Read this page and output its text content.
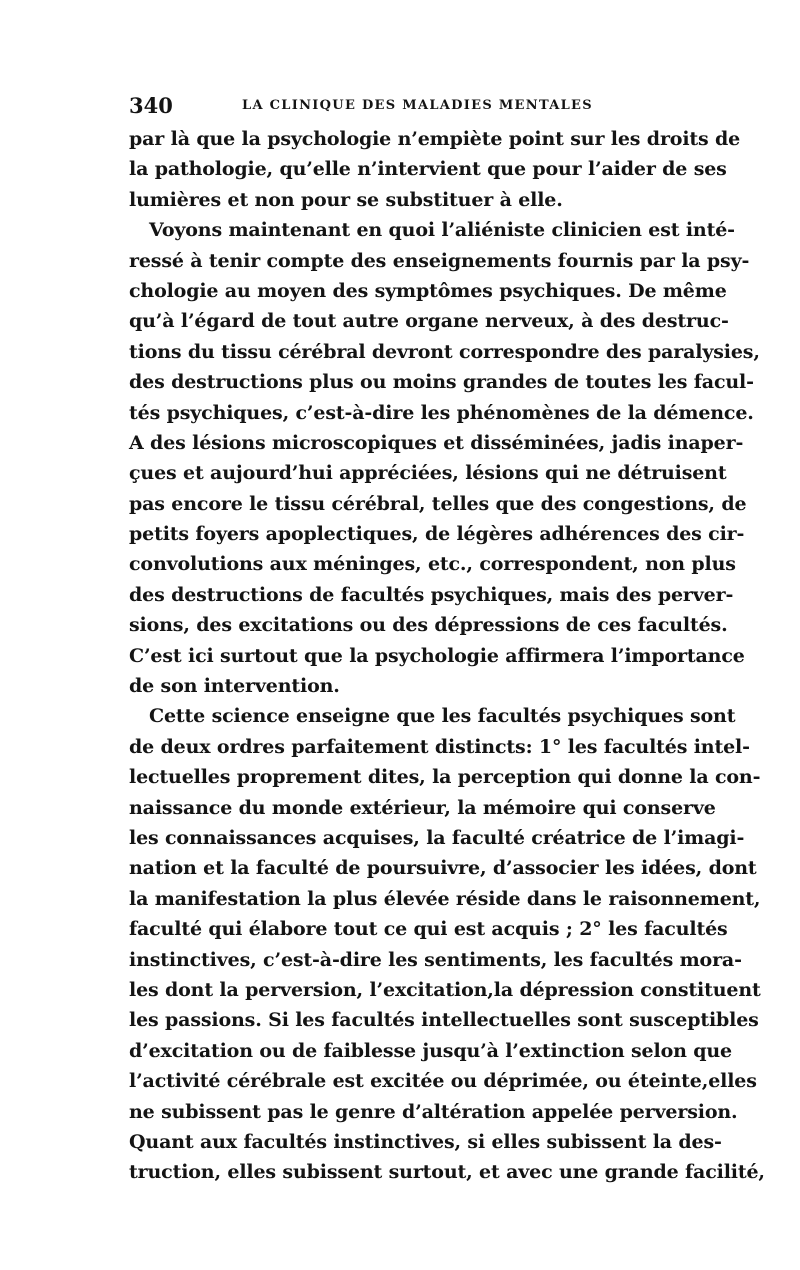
340	LA CLINIQUE DES MALADIES MENTALES
par là que la psychologie n’empiète point sur les droits de
la pathologie, qu’elle n’intervient que pour l’aider de ses
lumières et non pour se substituer à elle.
Voyons maintenant en quoi l’aliéniste clinicien est inté-
ressé à tenir compte des enseignements fournis par la psy-
chologie au moyen des symptômes psychiques. De même
qu’à l’égard de tout autre organe nerveux, à des destruc-
tions du tissu cérébral devront correspondre des paralysies,
des destructions plus ou moins grandes de toutes les facul-
tés psychiques, c’est-à-dire les phénomènes de la démence.
A des lésions microscopiques et disséminées, jadis inaper-
çues et aujourd’hui appréciées, lésions qui ne détruisent
pas encore le tissu cérébral, telles que des congestions, de
petits foyers apoplectiques, de légères adhérences des cir-
convolutions aux méninges, etc., correspondent, non plus
des destructions de facultés psychiques, mais des perver-
sions, des excitations ou des dépressions de ces facultés.
C’est ici surtout que la psychologie affirmera l’importance
de son intervention.
Cette science enseigne que les facultés psychiques sont
de deux ordres parfaitement distincts: 1° les facultés intel-
lectuelles proprement dites, la perception qui donne la con-
naissance du monde extérieur, la mémoire qui conserve
les connaissances acquises, la faculté créatrice de l’imagi-
nation et la faculté de poursuivre, d’associer les idées, dont
la manifestation la plus élevée réside dans le raisonnement,
faculté qui élabore tout ce qui est acquis ; 2° les facultés
instinctives, c’est-à-dire les sentiments, les facultés mora-
les dont la perversion, l’excitation,la dépression constituent
les passions. Si les facultés intellectuelles sont susceptibles
d’excitation ou de faiblesse jusqu’à l’extinction selon que
l’activité cérébrale est excitée ou déprimée, ou éteinte,elles
ne subissent pas le genre d’altération appelée perversion.
Quant aux facultés instinctives, si elles subissent la des-
truction, elles subissent surtout, et avec une grande facilité,
